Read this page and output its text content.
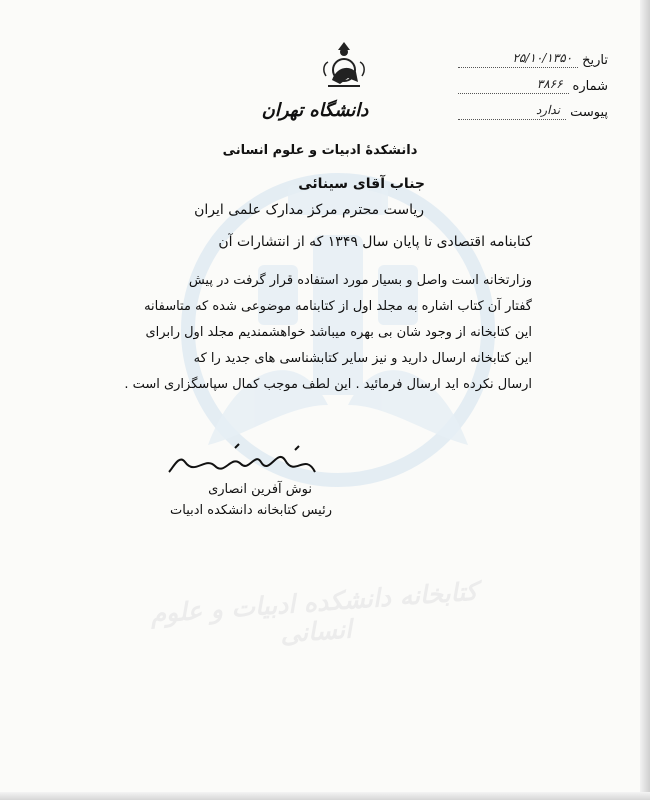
کتابخانه دانشکده ادبیات و علوم انسانی
تاریخ
۲۵/۱۰/۱۳۵۰
شماره
۳۸۶۶
پیوست
ندارد
دانشگاه تهران
دانشکدهٔ ادبیات و علوم انسانی
جناب آقای سینائی
ریاست محترم مرکز مدارک علمی ایران
کتابنامه اقتصادی تا پایان سال ۱۳۴۹ که از انتشارات آن
وزارتخانه است واصل و بسیار مورد استفاده قرار گرفت در پیش
گفتار آن کتاب اشاره به مجلد اول از کتابنامه موضوعی شده که متاسفانه
این کتابخانه از وجود شان بی بهره میباشد خواهشمندیم مجلد اول رابرای
این کتابخانه ارسال دارید و نیز سایر کتابشناسی های جدید را که
ارسال نکرده اید ارسال فرمائید . این لطف موجب کمال سپاسگزاری است .
نوش آفرین انصاری
رئیس کتابخانه دانشکده ادبیات
